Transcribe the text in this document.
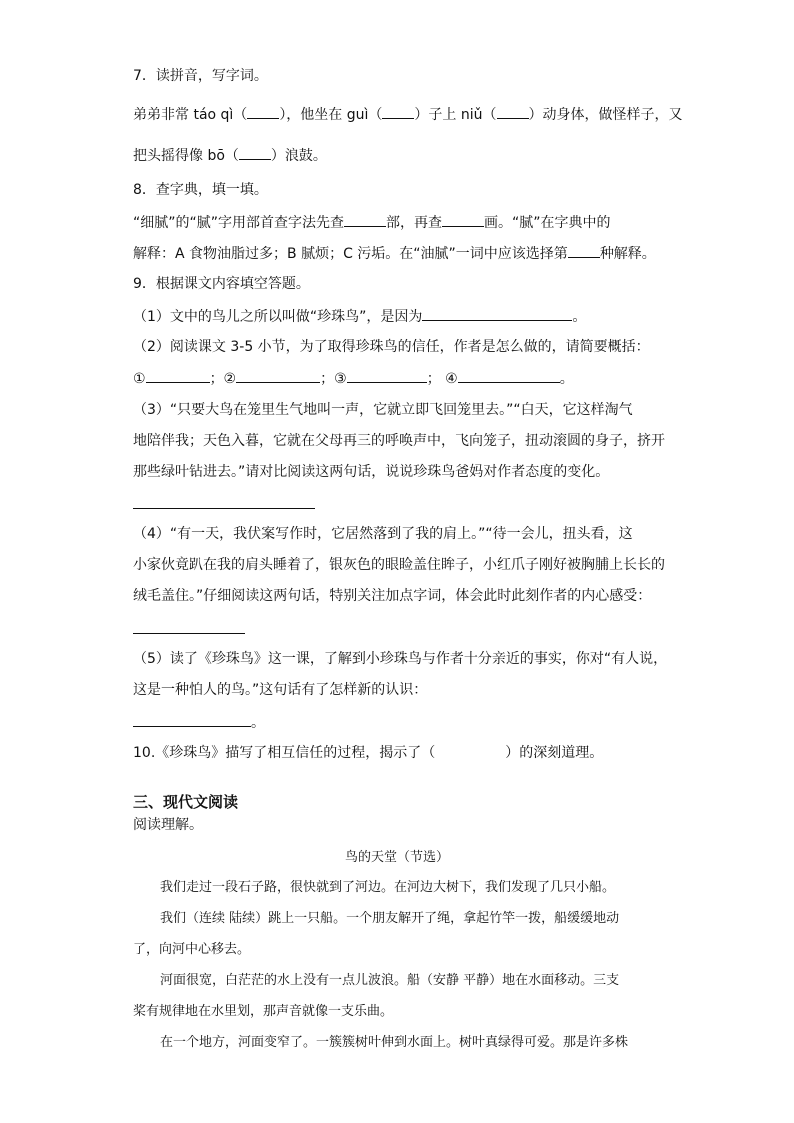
7．读拼音，写字词。
弟弟非常 táo qì（ ），他坐在 guì（ ）子上 niǔ（ ）动身体，做怪样子，又
把头摇得像 bō（ ）浪鼓。
8．查字典，填一填。
“细腻”的“腻”字用部首查字法先查	部，再查	画。“腻”在字典中的
解释：A 食物油脂过多；B 腻烦；C 污垢。在“油腻”一词中应该选择第 种解释。
9．根据课文内容填空答题。
（1）文中的鸟儿之所以叫做“珍珠鸟”，是因为	。
（2）阅读课文 3-5 小节，为了取得珍珠鸟的信任，作者是怎么做的，请简要概括：
①	；②	；③	； ④	。
（3）“只要大鸟在笼里生气地叫一声，它就立即飞回笼里去。”“白天，它这样淘气
地陪伴我；天色入暮，它就在父母再三的呼唤声中，飞向笼子，扭动滚圆的身子，挤开
那些绿叶钻进去。”请对比阅读这两句话，说说珍珠鸟爸妈对作者态度的变化。
（4）“有一天，我伏案写作时，它居然落到了我的肩上。”“待一会儿，扭头看，这
小家伙竟趴在我的肩头睡着了，银灰色的眼睑盖住眸子，小红爪子刚好被胸脯上长长的
绒毛盖住。”仔细阅读这两句话，特别关注加点字词，体会此时此刻作者的内心感受：
（5）读了《珍珠鸟》这一课，了解到小珍珠鸟与作者十分亲近的事实，你对“有人说，
这是一种怕人的鸟。”这句话有了怎样新的认识：
。
10.《珍珠鸟》描写了相互信任的过程，揭示了（	）的深刻道理。
三、现代文阅读
阅读理解。
鸟的天堂（节选）
我们走过一段石子路，很快就到了河边。在河边大树下，我们发现了几只小船。
我们（连续 陆续）跳上一只船。一个朋友解开了绳，拿起竹竿一拨，船缓缓地动
了，向河中心移去。
河面很宽，白茫茫的水上没有一点儿波浪。船（安静 平静）地在水面移动。三支
桨有规律地在水里划，那声音就像一支乐曲。
在一个地方，河面变窄了。一簇簇树叶伸到水面上。树叶真绿得可爱。那是许多株
